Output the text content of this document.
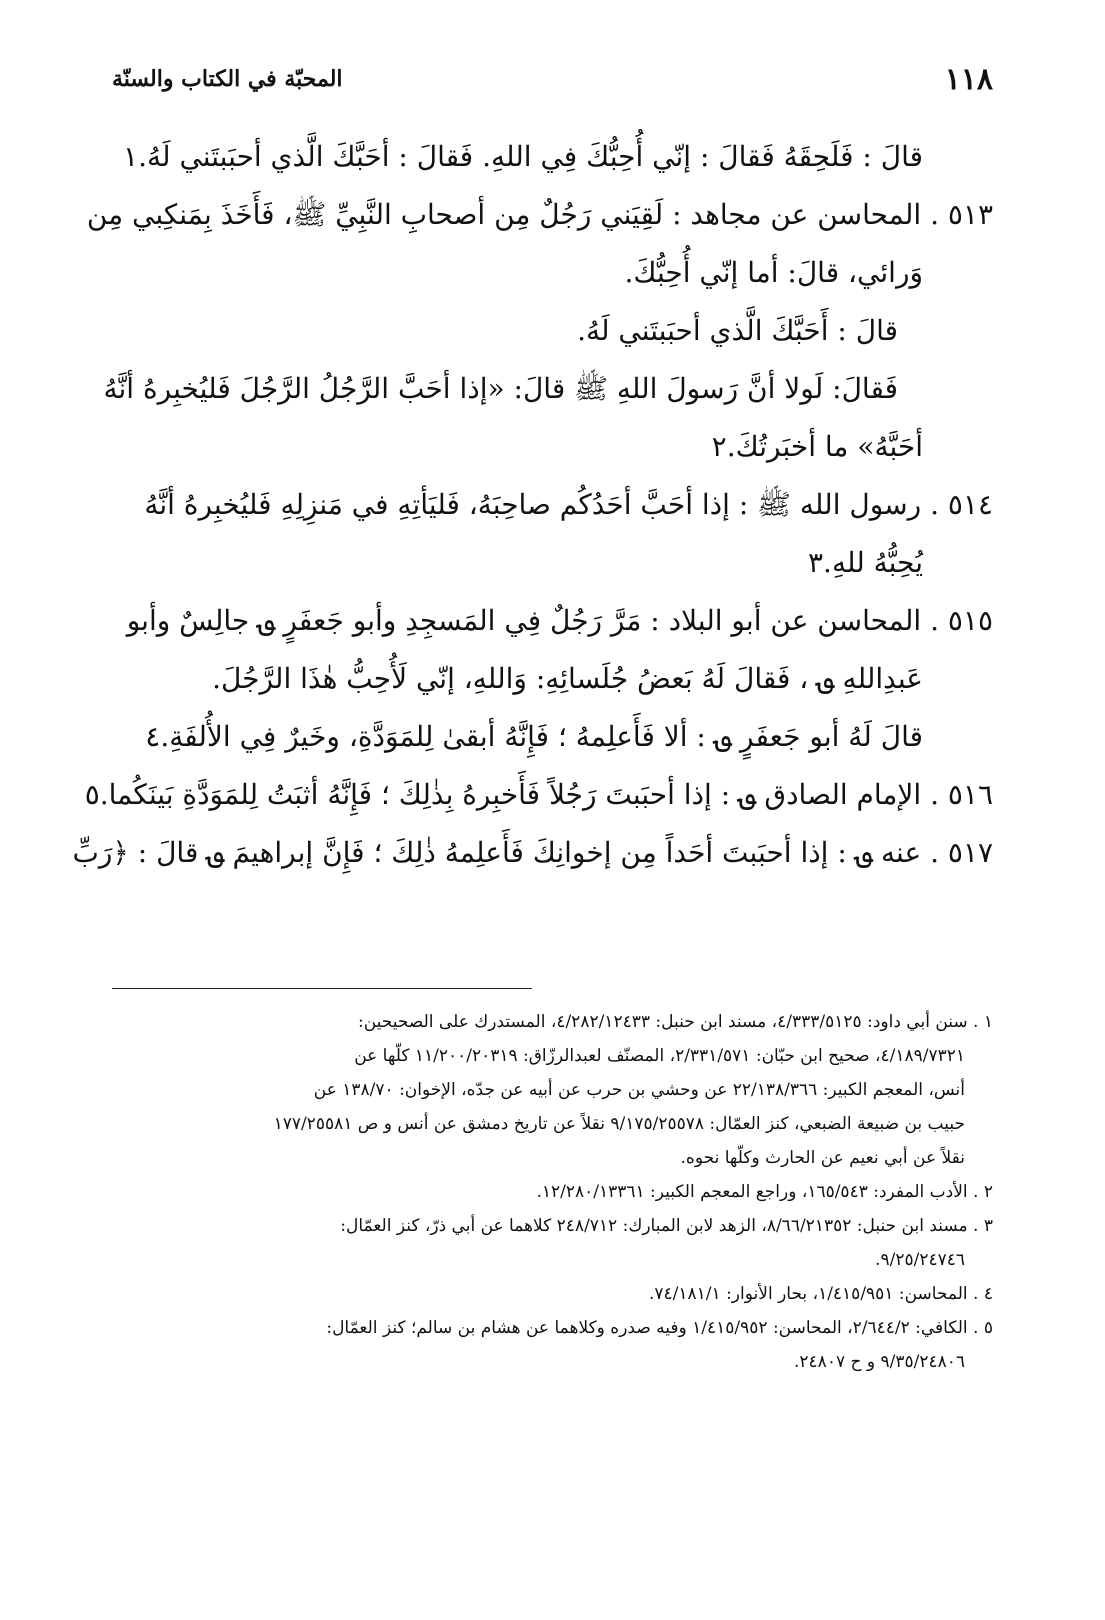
١١٨
المحبّة في الكتاب والسنّة
قالَ : فَلَحِقَهُ فَقالَ : إنّي أُحِبُّكَ فِي اللهِ. فَقالَ : أحَبَّكَ الَّذي أحبَبتَني لَهُ.١
٥١٣ . المحاسن عن مجاهد : لَقِيَني رَجُلٌ مِن أصحابِ النَّبِيِّ ﷺ، فَأَخَذَ بِمَنكِبي مِن
وَرائي، قالَ: أما إنّي أُحِبُّكَ.
قالَ : أَحَبَّكَ الَّذي أحبَبتَني لَهُ.
فَقالَ: لَولا أنَّ رَسولَ اللهِ ﷺ قالَ: «إذا أحَبَّ الرَّجُلُ الرَّجُلَ فَليُخبِرهُ أنَّهُ
أحَبَّهُ» ما أخبَرتُكَ.٢
٥١٤ . رسول الله ﷺ : إذا أحَبَّ أحَدُكُم صاحِبَهُ، فَليَأتِهِ في مَنزِلِهِ فَليُخبِرهُ أنَّهُ
يُحِبُّهُ للهِ.٣
٥١٥ . المحاسن عن أبو البلاد : مَرَّ رَجُلٌ فِي المَسجِدِ وأبو جَعفَرٍ ؈ جالِسٌ وأبو
عَبدِاللهِ ؈ ، فَقالَ لَهُ بَعضُ جُلَسائِهِ: وَاللهِ، إنّي لَأُحِبُّ هٰذَا الرَّجُلَ.
قالَ لَهُ أبو جَعفَرٍ ؈ : ألا فَأَعلِمهُ ؛ فَإِنَّهُ أبقىٰ لِلمَوَدَّةِ، وخَيرٌ فِي الأُلفَةِ.٤
٥١٦ . الإمام الصادق ؈ : إذا أحبَبتَ رَجُلاً فَأَخبِرهُ بِذٰلِكَ ؛ فَإِنَّهُ أثبَتُ لِلمَوَدَّةِ بَينَكُما.٥
٥١٧ . عنه ؈ : إذا أحبَبتَ أحَداً مِن إخوانِكَ فَأَعلِمهُ ذٰلِكَ ؛ فَإِنَّ إبراهيمَ ؈ قالَ : ﴿رَبِّ
١ . سنن أبي داود: ٤/٣٣٣/٥١٢٥، مسند ابن حنبل: ٤/٢٨٢/١٢٤٣٣، المستدرك على الصحيحين:
٤/١٨٩/٧٣٢١، صحيح ابن حبّان: ٢/٣٣١/٥٧١، المصنّف لعبدالرزّاق: ١١/٢٠٠/٢٠٣١٩ كلّها عن
أنس، المعجم الكبير: ٢٢/١٣٨/٣٦٦ عن وحشي بن حرب عن أبيه عن جدّه، الإخوان: ١٣٨/٧٠ عن
حبيب بن ضبيعة الضبعي، كنز العمّال: ٩/١٧٥/٢٥٥٧٨ نقلاً عن تاريخ دمشق عن أنس و ص ١٧٧/٢٥٥٨١
نقلاً عن أبي نعيم عن الحارث وكلّها نحوه.
٢ . الأدب المفرد: ١٦٥/٥٤٣، وراجع المعجم الكبير: ١٢/٢٨٠/١٣٣٦١.
٣ . مسند ابن حنبل: ٨/٦٦/٢١٣٥٢، الزهد لابن المبارك: ٢٤٨/٧١٢ كلاهما عن أبي ذرّ، كنز العمّال:
٩/٢٥/٢٤٧٤٦.
٤ . المحاسن: ١/٤١٥/٩٥١، بحار الأنوار: ٧٤/١٨١/١.
٥ . الكافي: ٢/٦٤٤/٢، المحاسن: ١/٤١٥/٩٥٢ وفيه صدره وكلاهما عن هشام بن سالم؛ كنز العمّال:
٩/٣٥/٢٤٨٠٦ و ح ٢٤٨٠٧.
